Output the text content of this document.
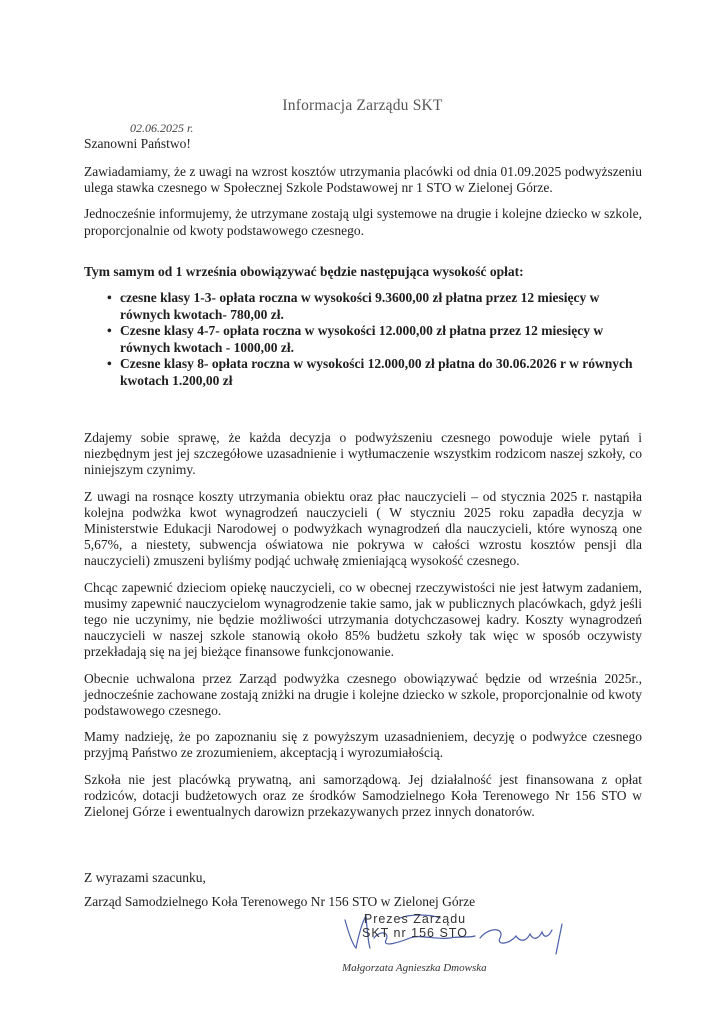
Informacja Zarządu SKT
02.06.2025 r.
Szanowni Państwo!

Zawiadamiamy, że z uwagi na wzrost kosztów utrzymania placówki od dnia 01.09.2025 podwyższeniu ulega stawka czesnego w Społecznej Szkole Podstawowej nr 1 STO w Zielonej Górze.

Jednocześnie informujemy, że utrzymane zostają ulgi systemowe na drugie i kolejne dziecko w szkole, proporcjonalnie od kwoty podstawowego czesnego.

Tym samym od 1 września obowiązywać będzie następująca wysokość opłat:
• czesne klasy 1-3- opłata roczna w wysokości 9.3600,00 zł płatna przez 12 miesięcy w równych kwotach- 780,00 zł.
• Czesne klasy 4-7- opłata roczna w wysokości 12.000,00 zł płatna przez 12 miesięcy w równych kwotach - 1000,00 zł.
• Czesne klasy 8- opłata roczna w wysokości 12.000,00 zł płatna do 30.06.2026 r w równych kwotach 1.200,00 zł

Zdajemy sobie sprawę, że każda decyzja o podwyższeniu czesnego powoduje wiele pytań i niezbędnym jest jej szczegółowe uzasadnienie i wytłumaczenie wszystkim rodzicom naszej szkoły, co niniejszym czynimy.

Z uwagi na rosnące koszty utrzymania obiektu oraz płac nauczycieli – od stycznia 2025 r. nastąpiła kolejna podwżka kwot wynagrodzeń nauczycieli ( W styczniu 2025 roku zapadła decyzja w Ministerstwie Edukacji Narodowej o podwyżkach wynagrodzeń dla nauczycieli, które wynoszą one 5,67%, a niestety, subwencja oświatowa nie pokrywa w całości wzrostu kosztów pensji dla nauczycieli) zmuszeni byliśmy podjąć uchwałę zmieniającą wysokość czesnego.

Chcąc zapewnić dzieciom opiekę nauczycieli, co w obecnej rzeczywistości nie jest łatwym zadaniem, musimy zapewnić nauczycielom wynagrodzenie takie samo, jak w publicznych placówkach, gdyż jeśli tego nie uczynimy, nie będzie możliwości utrzymania dotychczasowej kadry. Koszty wynagrodzeń nauczycieli w naszej szkole stanowią około 85% budżetu szkoły tak więc w sposób oczywisty przekładają się na jej bieżące finansowe funkcjonowanie.

Obecnie uchwalona przez Zarząd podwyżka czesnego obowiązywać będzie od września 2025r., jednocześnie zachowane zostają zniżki na drugie i kolejne dziecko w szkole, proporcjonalnie od kwoty podstawowego czesnego.

Mamy nadzieję, że po zapoznaniu się z powyższym uzasadnieniem, decyzję o podwyżce czesnego przyjmą Państwo ze zrozumieniem, akceptacją i wyrozumiałością.

Szkoła nie jest placówką prywatną, ani samorządową. Jej działalność jest finansowana z opłat rodziców, dotacji budżetowych oraz ze środków Samodzielnego Koła Terenowego Nr 156 STO w Zielonej Górze i ewentualnych darowizn przekazywanych przez innych donatorów.

Z wyrazami szacunku,
Zarząd Samodzielnego Koła Terenowego Nr 156 STO w Zielonej Górze
Prezes Zarządu
SKT nr 156 STO
Małgorzata Agnieszka Dmowska
